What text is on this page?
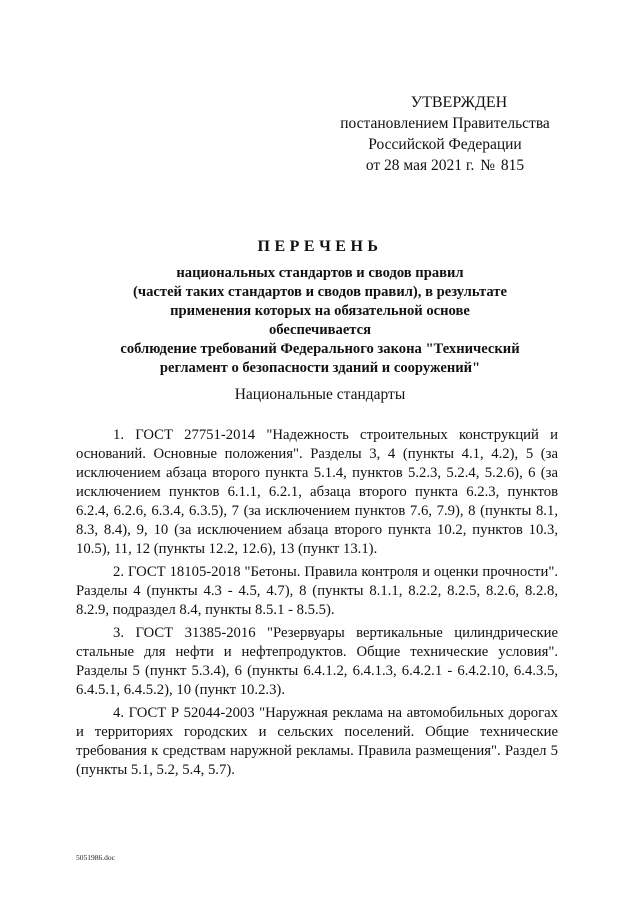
УТВЕРЖДЕН
постановлением Правительства
Российской Федерации
от 28 мая 2021 г. № 815
ПЕРЕЧЕНЬ
национальных стандартов и сводов правил
(частей таких стандартов и сводов правил), в результате
применения которых на обязательной основе обеспечивается
соблюдение требований Федерального закона "Технический
регламент о безопасности зданий и сооружений"
Национальные стандарты

1. ГОСТ 27751-2014 "Надежность строительных конструкций и оснований. Основные положения". Разделы 3, 4 (пункты 4.1, 4.2), 5 (за исключением абзаца второго пункта 5.1.4, пунктов 5.2.3, 5.2.4, 5.2.6), 6 (за исключением пунктов 6.1.1, 6.2.1, абзаца второго пункта 6.2.3, пунктов 6.2.4, 6.2.6, 6.3.4, 6.3.5), 7 (за исключением пунктов 7.6, 7.9), 8 (пункты 8.1, 8.3, 8.4), 9, 10 (за исключением абзаца второго пункта 10.2, пунктов 10.3, 10.5), 11, 12 (пункты 12.2, 12.6), 13 (пункт 13.1).

2. ГОСТ 18105-2018 "Бетоны. Правила контроля и оценки прочности". Разделы 4 (пункты 4.3 - 4.5, 4.7), 8 (пункты 8.1.1, 8.2.2, 8.2.5, 8.2.6, 8.2.8, 8.2.9, подраздел 8.4, пункты 8.5.1 - 8.5.5).

3. ГОСТ 31385-2016 "Резервуары вертикальные цилиндрические стальные для нефти и нефтепродуктов. Общие технические условия". Разделы 5 (пункт 5.3.4), 6 (пункты 6.4.1.2, 6.4.1.3, 6.4.2.1 - 6.4.2.10, 6.4.3.5, 6.4.5.1, 6.4.5.2), 10 (пункт 10.2.3).

4. ГОСТ Р 52044-2003 "Наружная реклама на автомобильных дорогах и территориях городских и сельских поселений. Общие технические требования к средствам наружной рекламы. Правила размещения". Раздел 5 (пункты 5.1, 5.2, 5.4, 5.7).

5051986.doc
